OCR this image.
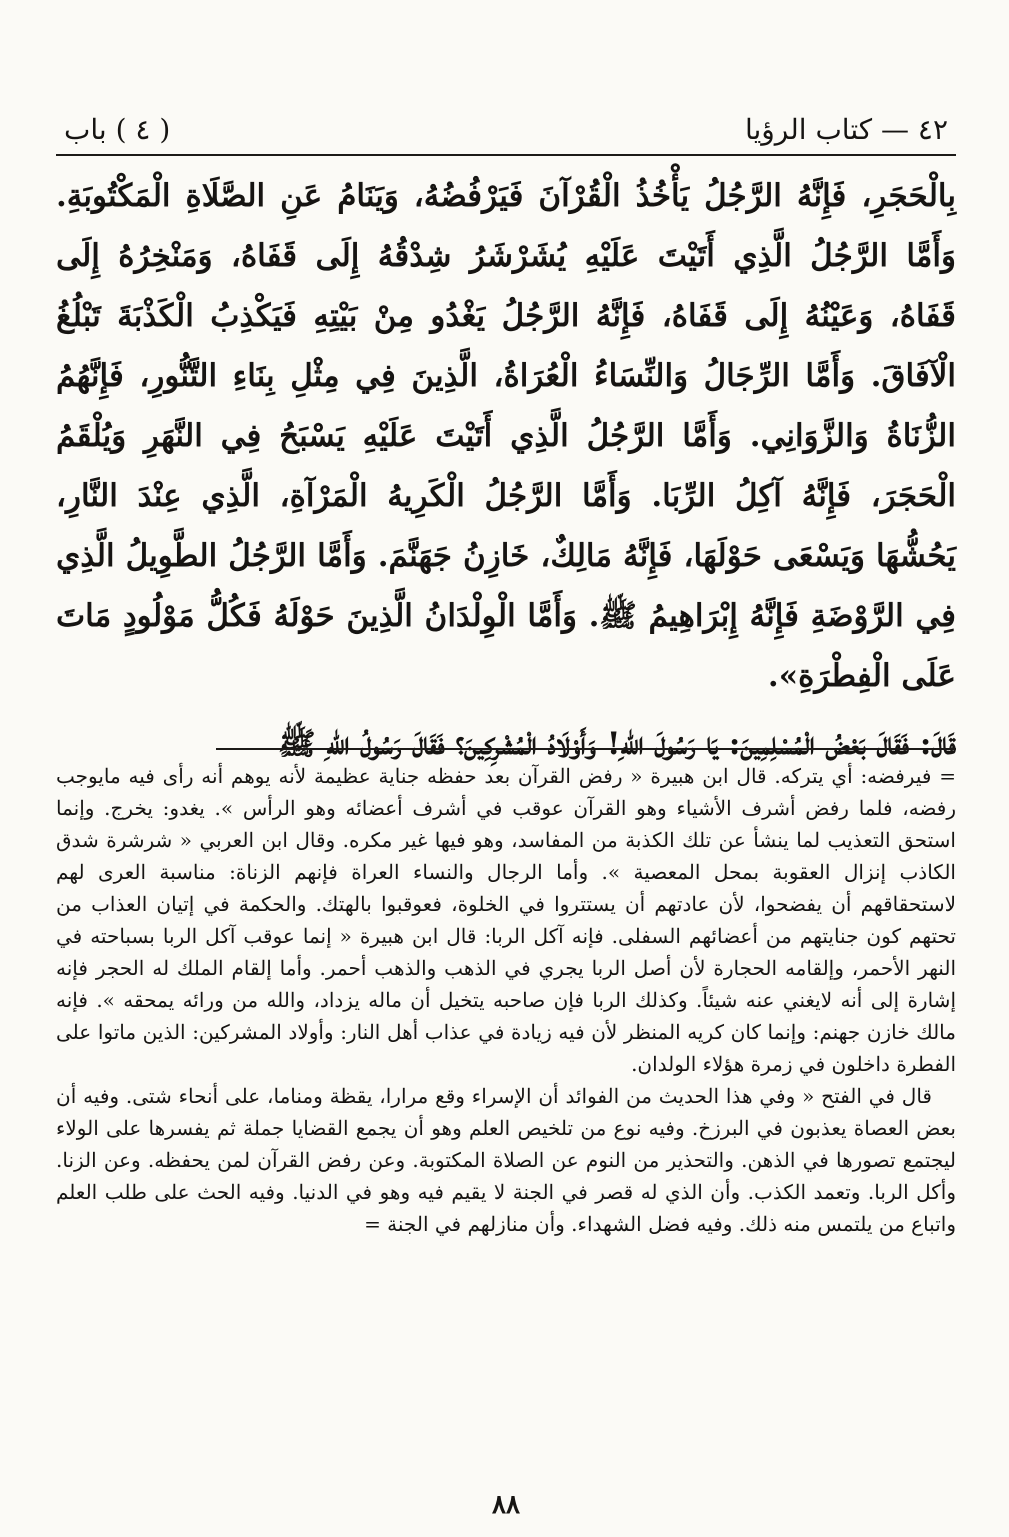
٤٢ — كتاب الرؤيا
( ٤ ) باب

بِالْحَجَرِ، فَإِنَّهُ الرَّجُلُ يَأْخُذُ الْقُرْآنَ فَيَرْفُضُهُ، وَيَنَامُ عَنِ الصَّلَاةِ الْمَكْتُوبَةِ. وَأَمَّا الرَّجُلُ الَّذِي أَتَيْتَ عَلَيْهِ يُشَرْشَرُ شِدْقُهُ إِلَى قَفَاهُ، وَمَنْخِرُهُ إِلَى قَفَاهُ، وَعَيْنُهُ إِلَى قَفَاهُ، فَإِنَّهُ الرَّجُلُ يَغْدُو مِنْ بَيْتِهِ فَيَكْذِبُ الْكَذْبَةَ تَبْلُغُ الْآفَاقَ. وَأَمَّا الرِّجَالُ وَالنِّسَاءُ الْعُرَاةُ، الَّذِينَ فِي مِثْلِ بِنَاءِ التَّنُّورِ، فَإِنَّهُمُ الزُّنَاةُ وَالزَّوَانِي. وَأَمَّا الرَّجُلُ الَّذِي أَتَيْتَ عَلَيْهِ يَسْبَحُ فِي النَّهَرِ وَيُلْقَمُ الْحَجَرَ، فَإِنَّهُ آكِلُ الرِّبَا. وَأَمَّا الرَّجُلُ الْكَرِيهُ الْمَرْآةِ، الَّذِي عِنْدَ النَّارِ، يَحُشُّهَا وَيَسْعَى حَوْلَهَا، فَإِنَّهُ مَالِكٌ، خَازِنُ جَهَنَّمَ. وَأَمَّا الرَّجُلُ الطَّوِيلُ الَّذِي فِي الرَّوْضَةِ فَإِنَّهُ إِبْرَاهِيمُ ﷺ. وَأَمَّا الْوِلْدَانُ الَّذِينَ حَوْلَهُ فَكُلُّ مَوْلُودٍ مَاتَ عَلَى الْفِطْرَةِ».

قَالَ: فَقَالَ بَعْضُ الْمُسْلِمِينَ: يَا رَسُولَ اللهِ! وَأَوْلَادُ الْمُشْرِكِينَ؟ فَقَالَ رَسُولُ اللهِ ﷺ

= فيرفضه: أي يتركه. قال ابن هبيرة « رفض القرآن بعد حفظه جناية عظيمة لأنه يوهم أنه رأى فيه مايوجب رفضه، فلما رفض أشرف الأشياء وهو القرآن عوقب في أشرف أعضائه وهو الرأس ». يغدو: يخرج. وإنما استحق التعذيب لما ينشأ عن تلك الكذبة من المفاسد، وهو فيها غير مكره. وقال ابن العربي « شرشرة شدق الكاذب إنزال العقوبة بمحل المعصية ». وأما الرجال والنساء العراة فإنهم الزناة: مناسبة العرى لهم لاستحقاقهم أن يفضحوا، لأن عادتهم أن يستتروا في الخلوة، فعوقبوا بالهتك. والحكمة في إتيان العذاب من تحتهم كون جنايتهم من أعضائهم السفلى. فإنه آكل الربا: قال ابن هبيرة « إنما عوقب آكل الربا بسباحته في النهر الأحمر، وإلقامه الحجارة لأن أصل الربا يجري في الذهب والذهب أحمر. وأما إلقام الملك له الحجر فإنه إشارة إلى أنه لايغني عنه شيئاً. وكذلك الربا فإن صاحبه يتخيل أن ماله يزداد، والله من ورائه يمحقه ». فإنه مالك خازن جهنم: وإنما كان كريه المنظر لأن فيه زيادة في عذاب أهل النار: وأولاد المشركين: الذين ماتوا على الفطرة داخلون في زمرة هؤلاء الولدان.

قال في الفتح « وفي هذا الحديث من الفوائد أن الإسراء وقع مرارا، يقظة ومناما، على أنحاء شتى. وفيه أن بعض العصاة يعذبون في البرزخ. وفيه نوع من تلخيص العلم وهو أن يجمع القضايا جملة ثم يفسرها على الولاء ليجتمع تصورها في الذهن. والتحذير من النوم عن الصلاة المكتوبة. وعن رفض القرآن لمن يحفظه. وعن الزنا. وأكل الربا. وتعمد الكذب. وأن الذي له قصر في الجنة لا يقيم فيه وهو في الدنيا. وفيه الحث على طلب العلم واتباع من يلتمس منه ذلك. وفيه فضل الشهداء. وأن منازلهم في الجنة =

٨٨
